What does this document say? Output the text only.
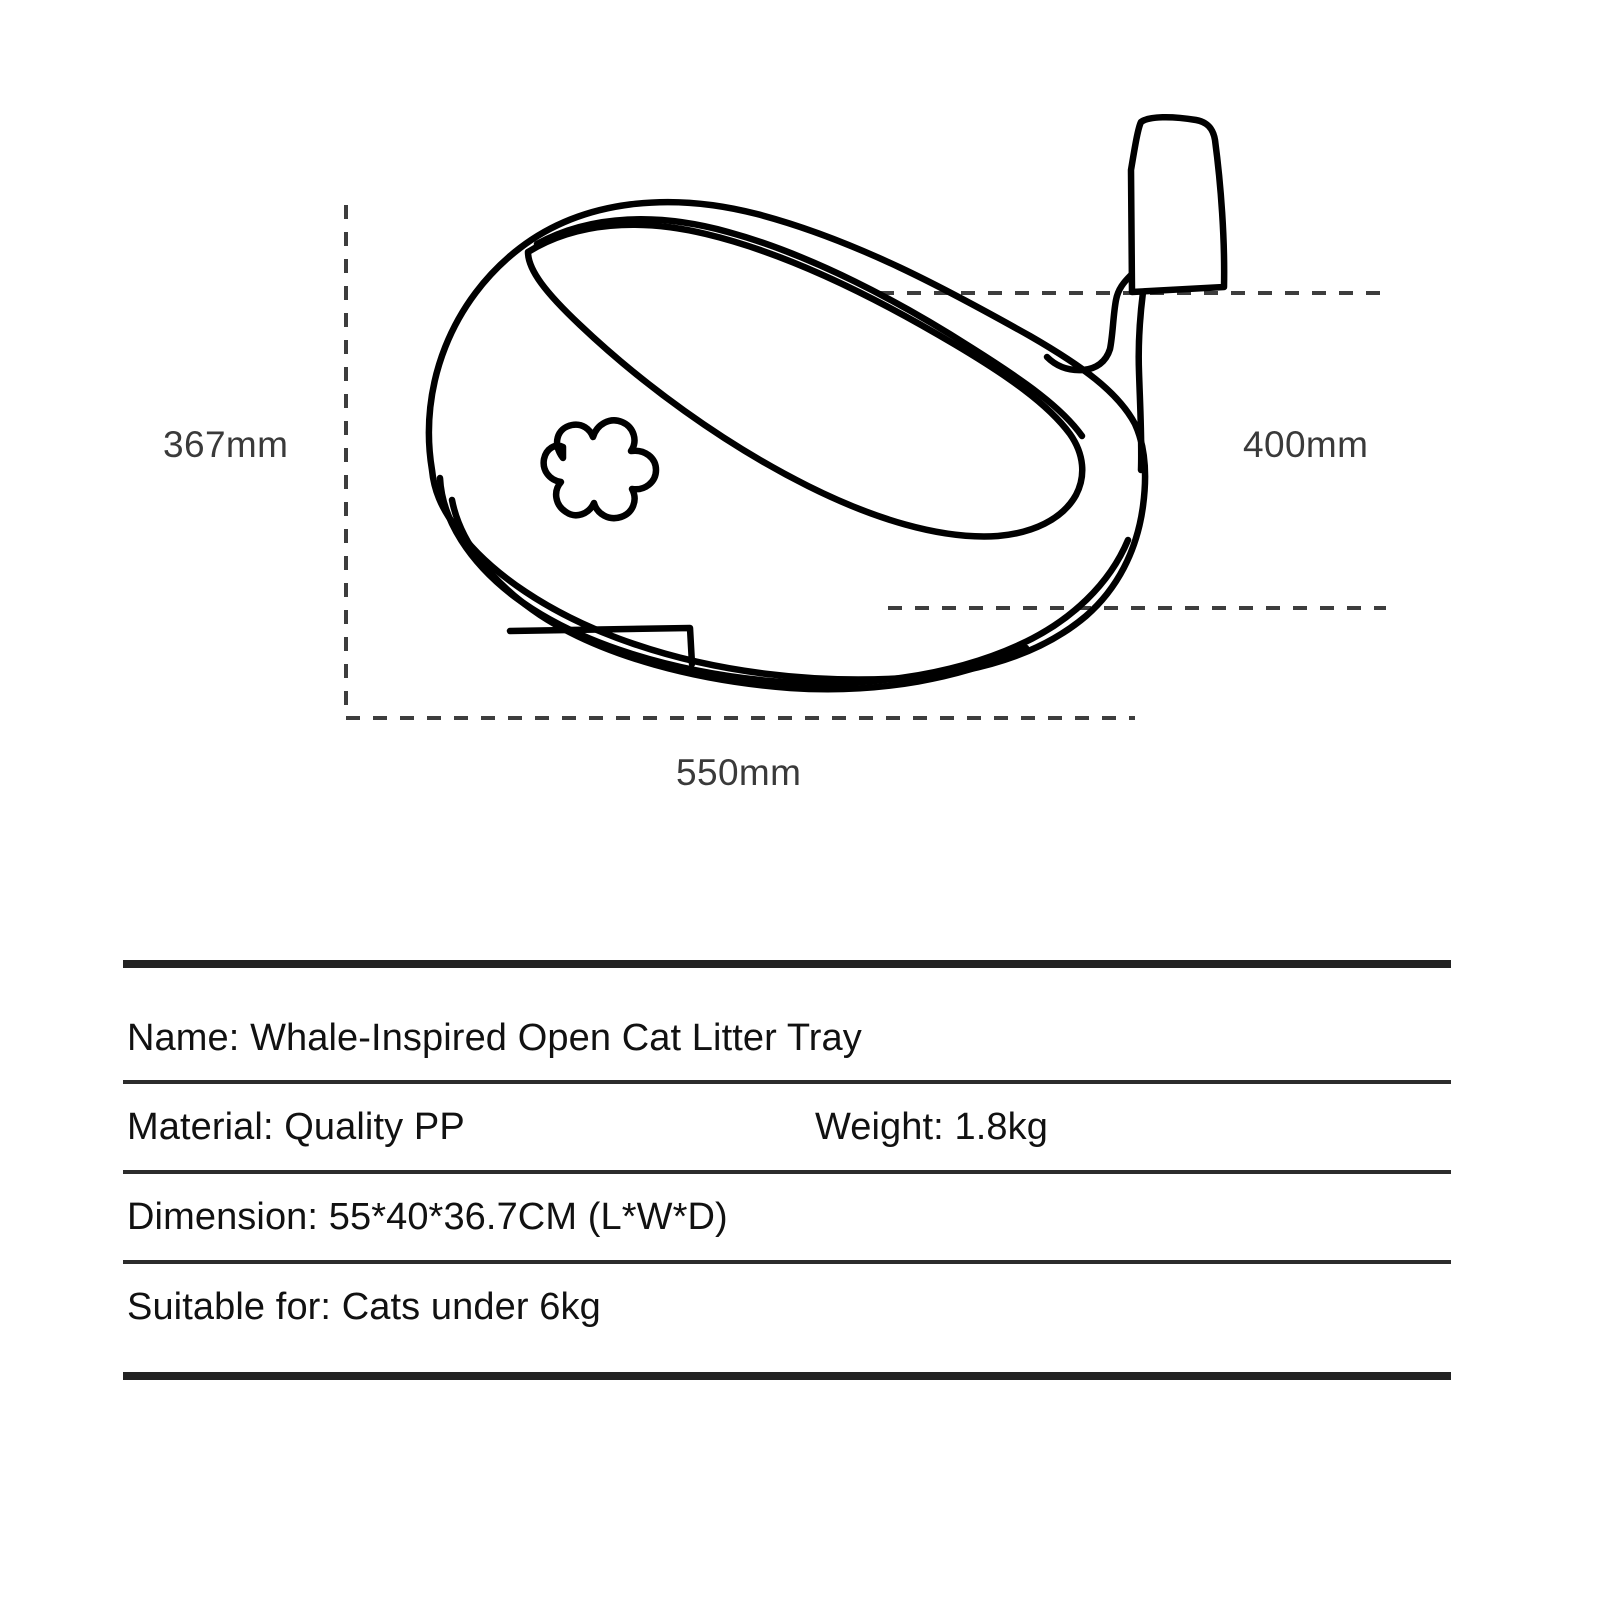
367mm	400mm
550mm
Name: Whale-Inspired Open Cat Litter Tray
Material: Quality PP	Weight: 1.8kg
Dimension: 55*40*36.7CM (L*W*D)
Suitable for: Cats under 6kg
